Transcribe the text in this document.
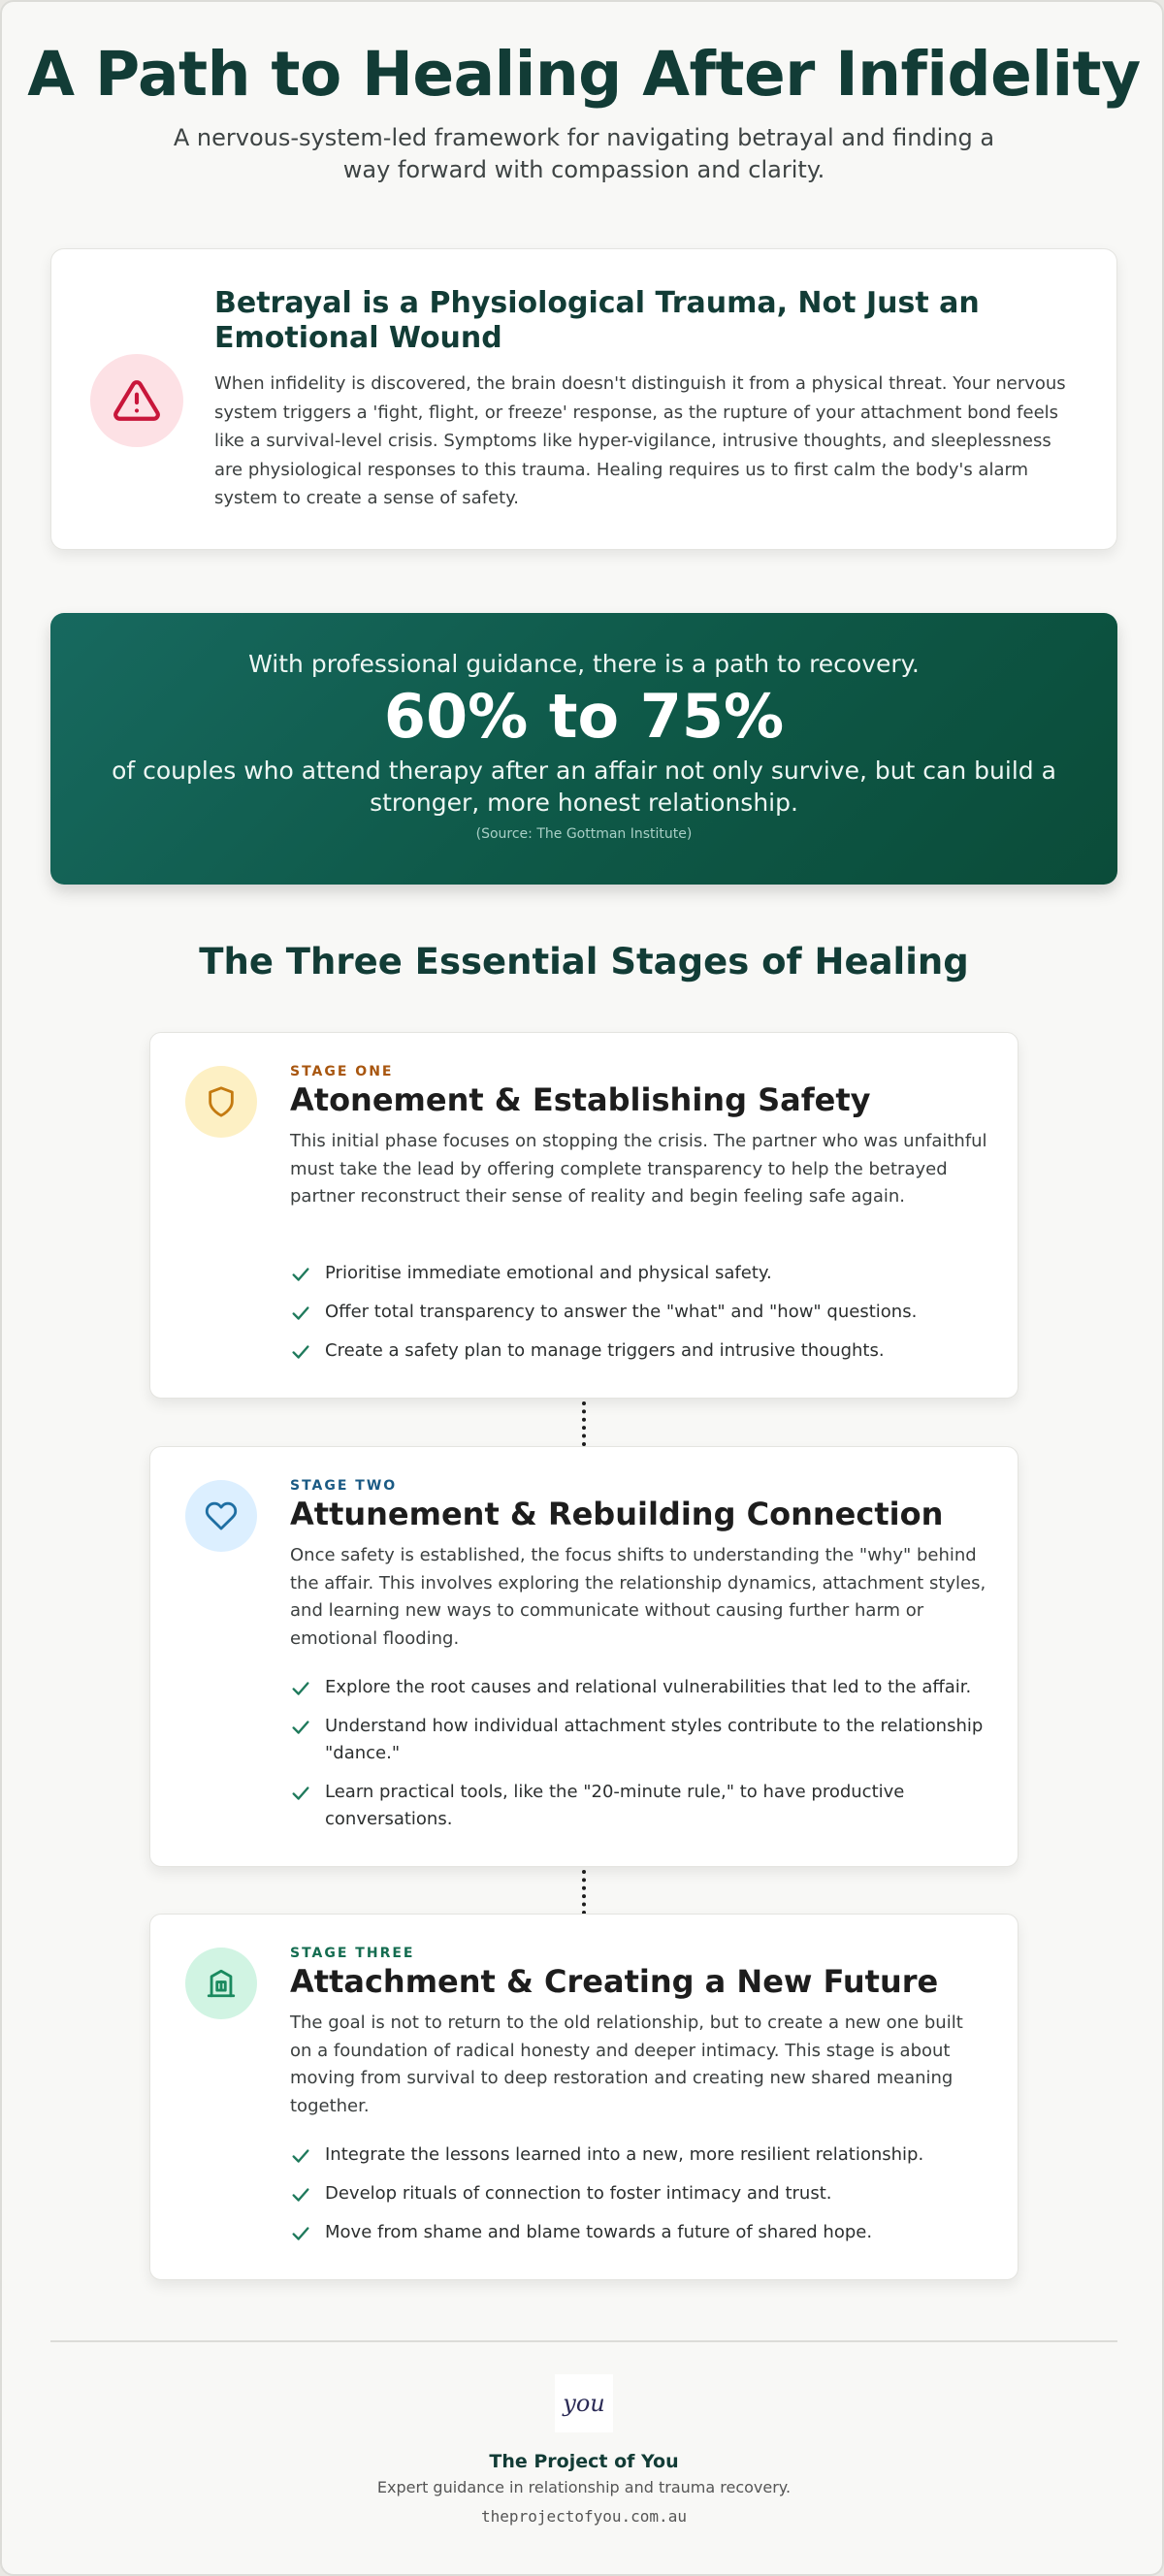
A Path to Healing After Infidelity

A nervous-system-led framework for navigating betrayal and finding a way forward with compassion and clarity.

Betrayal is a Physiological Trauma, Not Just an Emotional Wound

When infidelity is discovered, the brain doesn't distinguish it from a physical threat. Your nervous system triggers a 'fight, flight, or freeze' response, as the rupture of your attachment bond feels like a survival-level crisis. Symptoms like hyper-vigilance, intrusive thoughts, and sleeplessness are physiological responses to this trauma. Healing requires us to first calm the body's alarm system to create a sense of safety.

With professional guidance, there is a path to recovery.

60% to 75%

of couples who attend therapy after an affair not only survive, but can build a stronger, more honest relationship.

(Source: The Gottman Institute)

The Three Essential Stages of Healing

STAGE ONE

Atonement & Establishing Safety

This initial phase focuses on stopping the crisis. The partner who was unfaithful must take the lead by offering complete transparency to help the betrayed partner reconstruct their sense of reality and begin feeling safe again.

Prioritise immediate emotional and physical safety.
Offer total transparency to answer the "what" and "how" questions.
Create a safety plan to manage triggers and intrusive thoughts.

STAGE TWO

Attunement & Rebuilding Connection

Once safety is established, the focus shifts to understanding the "why" behind the affair. This involves exploring the relationship dynamics, attachment styles, and learning new ways to communicate without causing further harm or emotional flooding.

Explore the root causes and relational vulnerabilities that led to the affair.
Understand how individual attachment styles contribute to the relationship "dance."
Learn practical tools, like the "20-minute rule," to have productive conversations.

STAGE THREE

Attachment & Creating a New Future

The goal is not to return to the old relationship, but to create a new one built on a foundation of radical honesty and deeper intimacy. This stage is about moving from survival to deep restoration and creating new shared meaning together.

Integrate the lessons learned into a new, more resilient relationship.
Develop rituals of connection to foster intimacy and trust.
Move from shame and blame towards a future of shared hope.
you

The Project of You

Expert guidance in relationship and trauma recovery.

theprojectofyou.com.au
